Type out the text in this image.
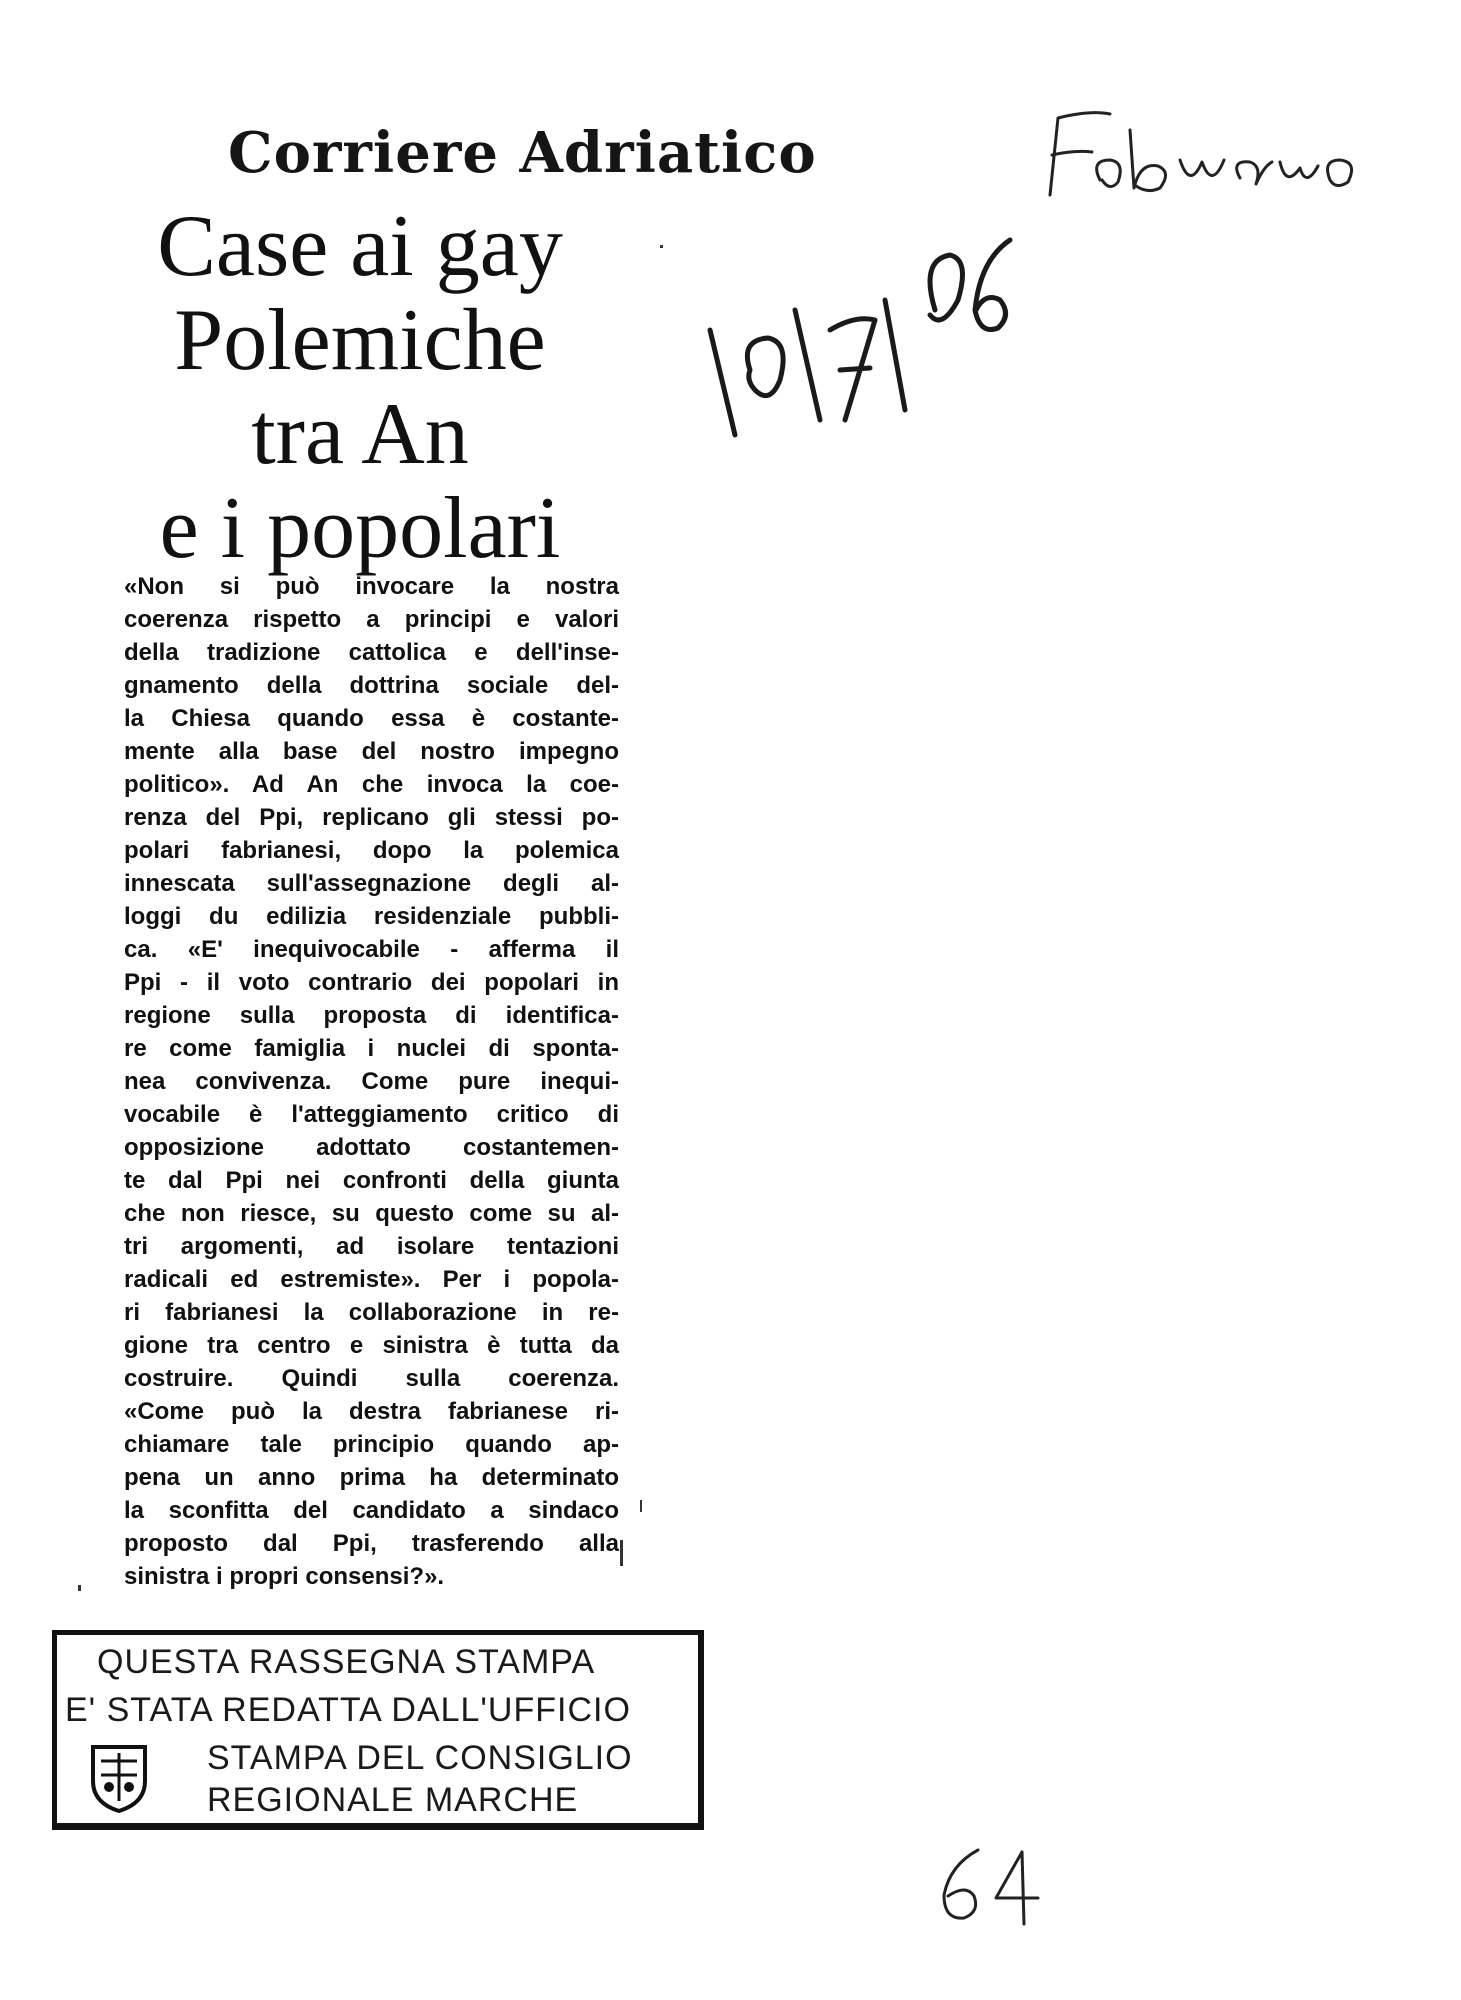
Corriere Adriatico
Case ai gay
Polemiche
tra An
e i popolari
«Non si può invocare la nostra
coerenza rispetto a principi e valori
della tradizione cattolica e dell'inse-
gnamento della dottrina sociale del-
la Chiesa quando essa è costante-
mente alla base del nostro impegno
politico». Ad An che invoca la coe-
renza del Ppi, replicano gli stessi po-
polari fabrianesi, dopo la polemica
innescata sull'assegnazione degli al-
loggi du edilizia residenziale pubbli-
ca. «E' inequivocabile - afferma il
Ppi - il voto contrario dei popolari in
regione sulla proposta di identifica-
re come famiglia i nuclei di sponta-
nea convivenza. Come pure inequi-
vocabile è l'atteggiamento critico di
opposizione adottato costantemen-
te dal Ppi nei confronti della giunta
che non riesce, su questo come su al-
tri argomenti, ad isolare tentazioni
radicali ed estremiste». Per i popola-
ri fabrianesi la collaborazione in re-
gione tra centro e sinistra è tutta da
costruire. Quindi sulla coerenza.
«Come può la destra fabrianese ri-
chiamare tale principio quando ap-
pena un anno prima ha determinato
la sconfitta del candidato a sindaco
proposto dal Ppi, trasferendo alla
sinistra i propri consensi?».
QUESTA RASSEGNA STAMPA
E' STATA REDATTA DALL'UFFICIO
STAMPA DEL CONSIGLIO
REGIONALE MARCHE
